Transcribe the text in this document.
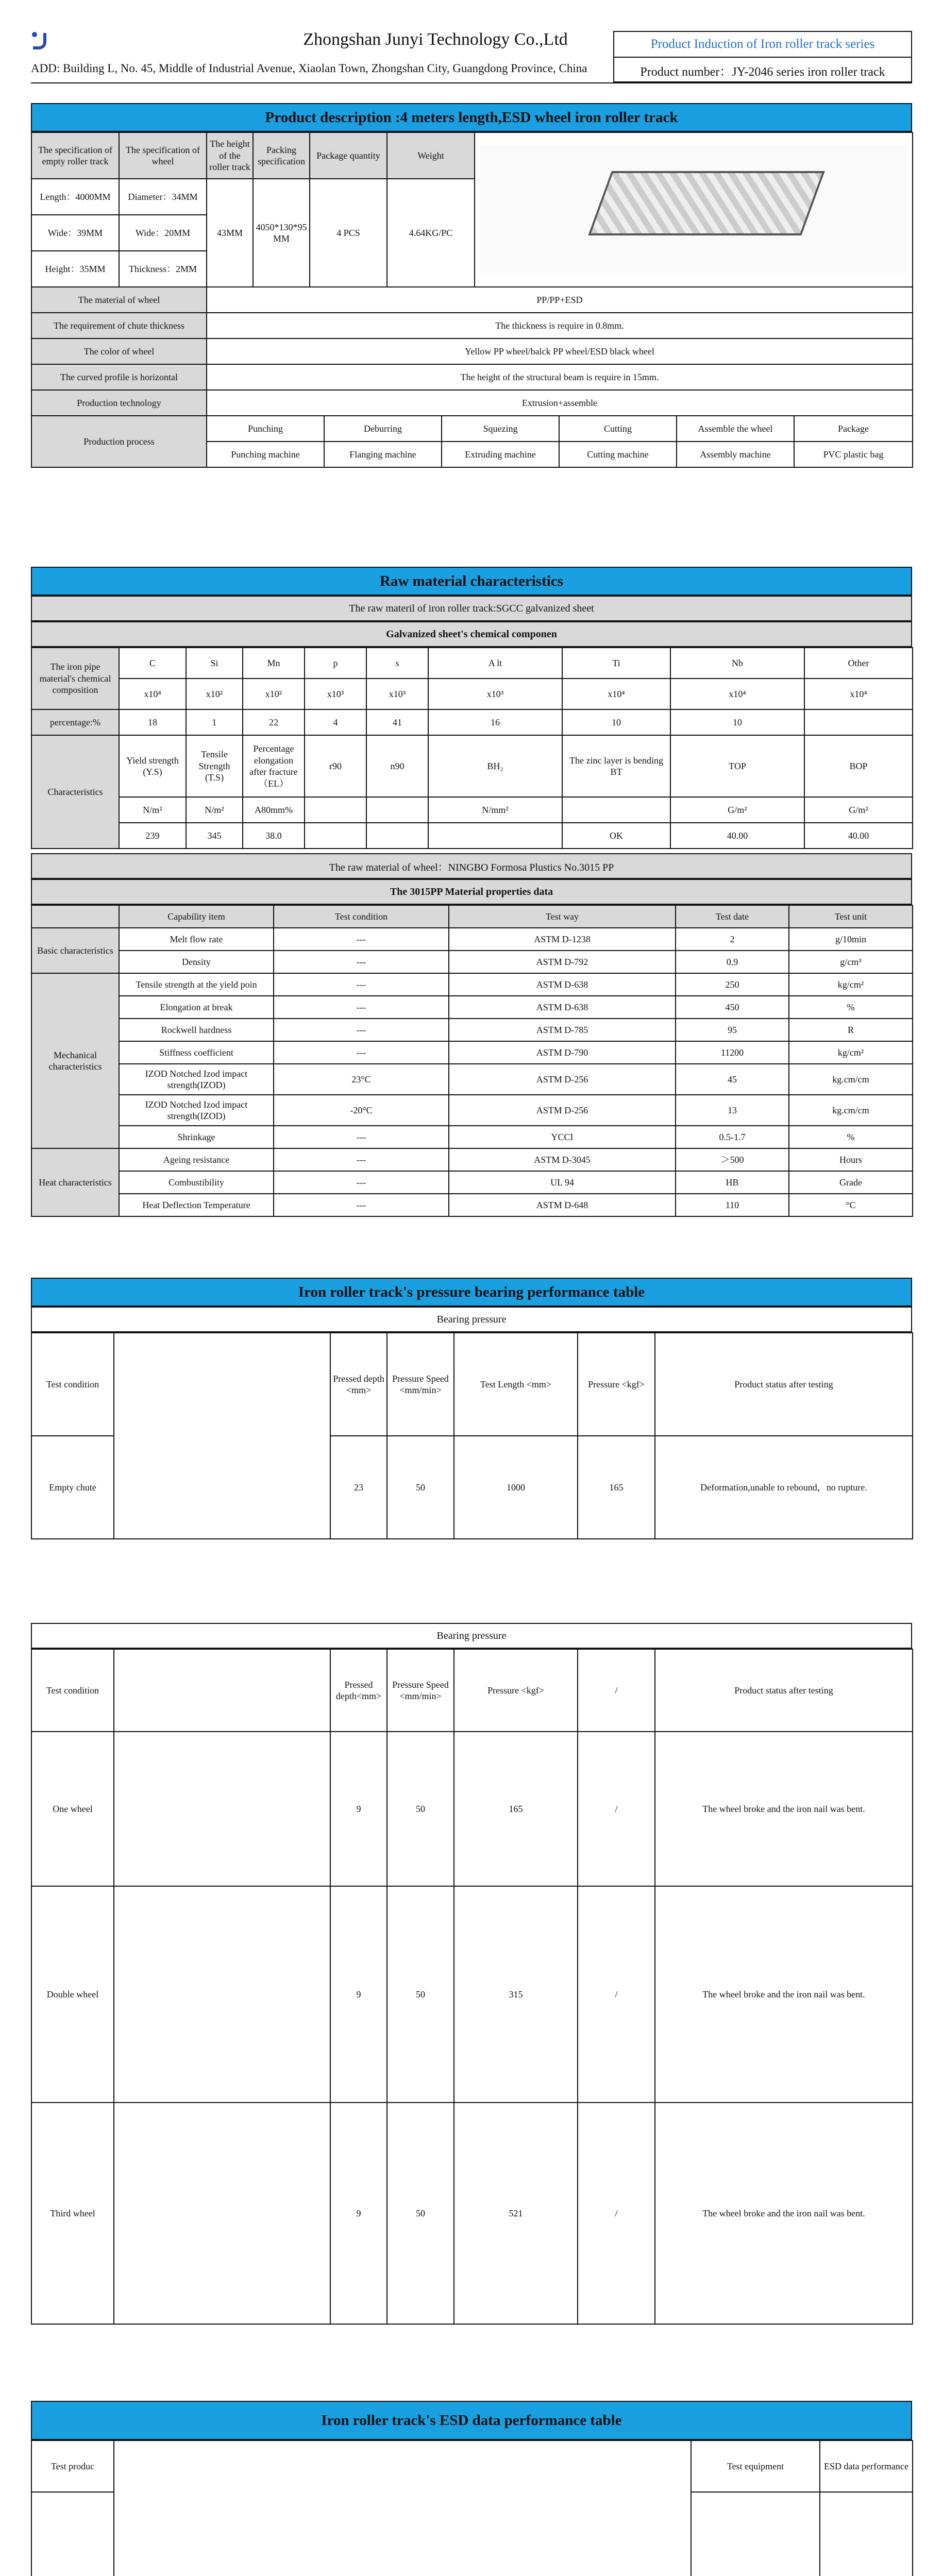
Zhongshan Junyi Technology Co.,Ltd
ADD: Building L, No. 45, Middle of Industrial Avenue, Xiaolan Town, Zhongshan City, Guangdong Province, China
Product Induction of Iron roller track series
Product number：JY-2046 series iron roller track
Product description :4 meters length,ESD wheel iron roller track
The specification of empty roller track	The specification of wheel	The height of the roller track	Packing specification	Package quantity	Weight	

Length：4000MM	Diameter：34MM	43MM	4050*130*95 MM	4 PCS	4.64KG/PC	
Wide：39MM	Wide：20MM					
Height：35MM	Thickness：2MM					
The material of wheel	PP/PP+ESD
The requirement of chute thickness	The thickness is require in 0.8mm.
The color of wheel	Yellow PP wheel/balck PP wheel/ESD black wheel
The curved profile is horizontal	The height of the structural beam is require in 15mm.
Production technology	Extrusion+assemble
Production process	Punching	Deburring	Squezing	Cutting	Assemble the wheel	Package
	Punching machine	Flanging machine	Extruding machine	Cutting machine	Assembly machine	PVC plastic bag
Raw material characteristics
The raw materil of iron roller track:SGCC galvanized sheet
Galvanized sheet's chemical componen
The iron pipe material's chemical composition	C	Si	Mn	p	s	A lt	Ti	Nb	Other
	x10⁴	x10²	x10²	x10³	x10³	x10³	x10⁴	x10⁴	x10⁴
percentage:%	18	1	22	4	41	16	10	10	
Characteristics	Yield strength (Y.S)	Tensile Strength (T.S)	Percentage elongation after fracture （EL）	r90	n90	BH₂	The zinc layer is bending BT	TOP	BOP
	N/m²	N/m²	A80mm%			N/mm²		G/m²	G/m²
	239	345	38.0				OK	40.00	40.00
The raw material of wheel：NINGBO Formosa Plustics No.3015 PP
The 3015PP Material properties data
	Capability item	Test condition	Test way	Test date	Test unit
Basic characteristics	Melt flow rate	---	ASTM D-1238	2	g/10min
	Density	---	ASTM D-792	0.9	g/cm³
Mechanical characteristics	Tensile strength at the yield poin	---	ASTM D-638	250	kg/cm²
	Elongation at break	---	ASTM D-638	450	%
	Rockwell hardness	---	ASTM D-785	95	R
	Stiffness coefficient	---	ASTM D-790	11200	kg/cm²
	IZOD Notched Izod impact strength(IZOD)	23°C	ASTM D-256	45	kg.cm/cm
	IZOD Notched Izod impact strength(IZOD)	-20°C	ASTM D-256	13	kg.cm/cm
	Shrinkage	---	YCCI	0.5-1.7	%
Heat characteristics	Ageing resistance	---	ASTM D-3045	＞500	Hours
	Combustibility	---	UL 94	HB	Grade
	Heat Deflection Temperature	---	ASTM D-648	110	°C
Iron roller track's pressure bearing performance table
Bearing pressure
Test condition		Pressed depth <mm>	Pressure Speed <mm/min>	Test Length <mm>	Pressure <kgf>	Product status after testing
Empty chute		23	50	1000	165	Deformation,unable to rebound，no rupture.
Bearing pressure
Test condition		Pressed depth<mm>	Pressure Speed <mm/min>	Pressure <kgf>	/	Product status after testing
One wheel		9	50	165	/	The wheel broke and the iron nail was bent.
Double wheel		9	50	315	/	The wheel broke and the iron nail was bent.
Third wheel		9	50	521	/	The wheel broke and the iron nail was bent.
Iron roller track's ESD data performance table
Test produc		Test equipment	ESD data performance
